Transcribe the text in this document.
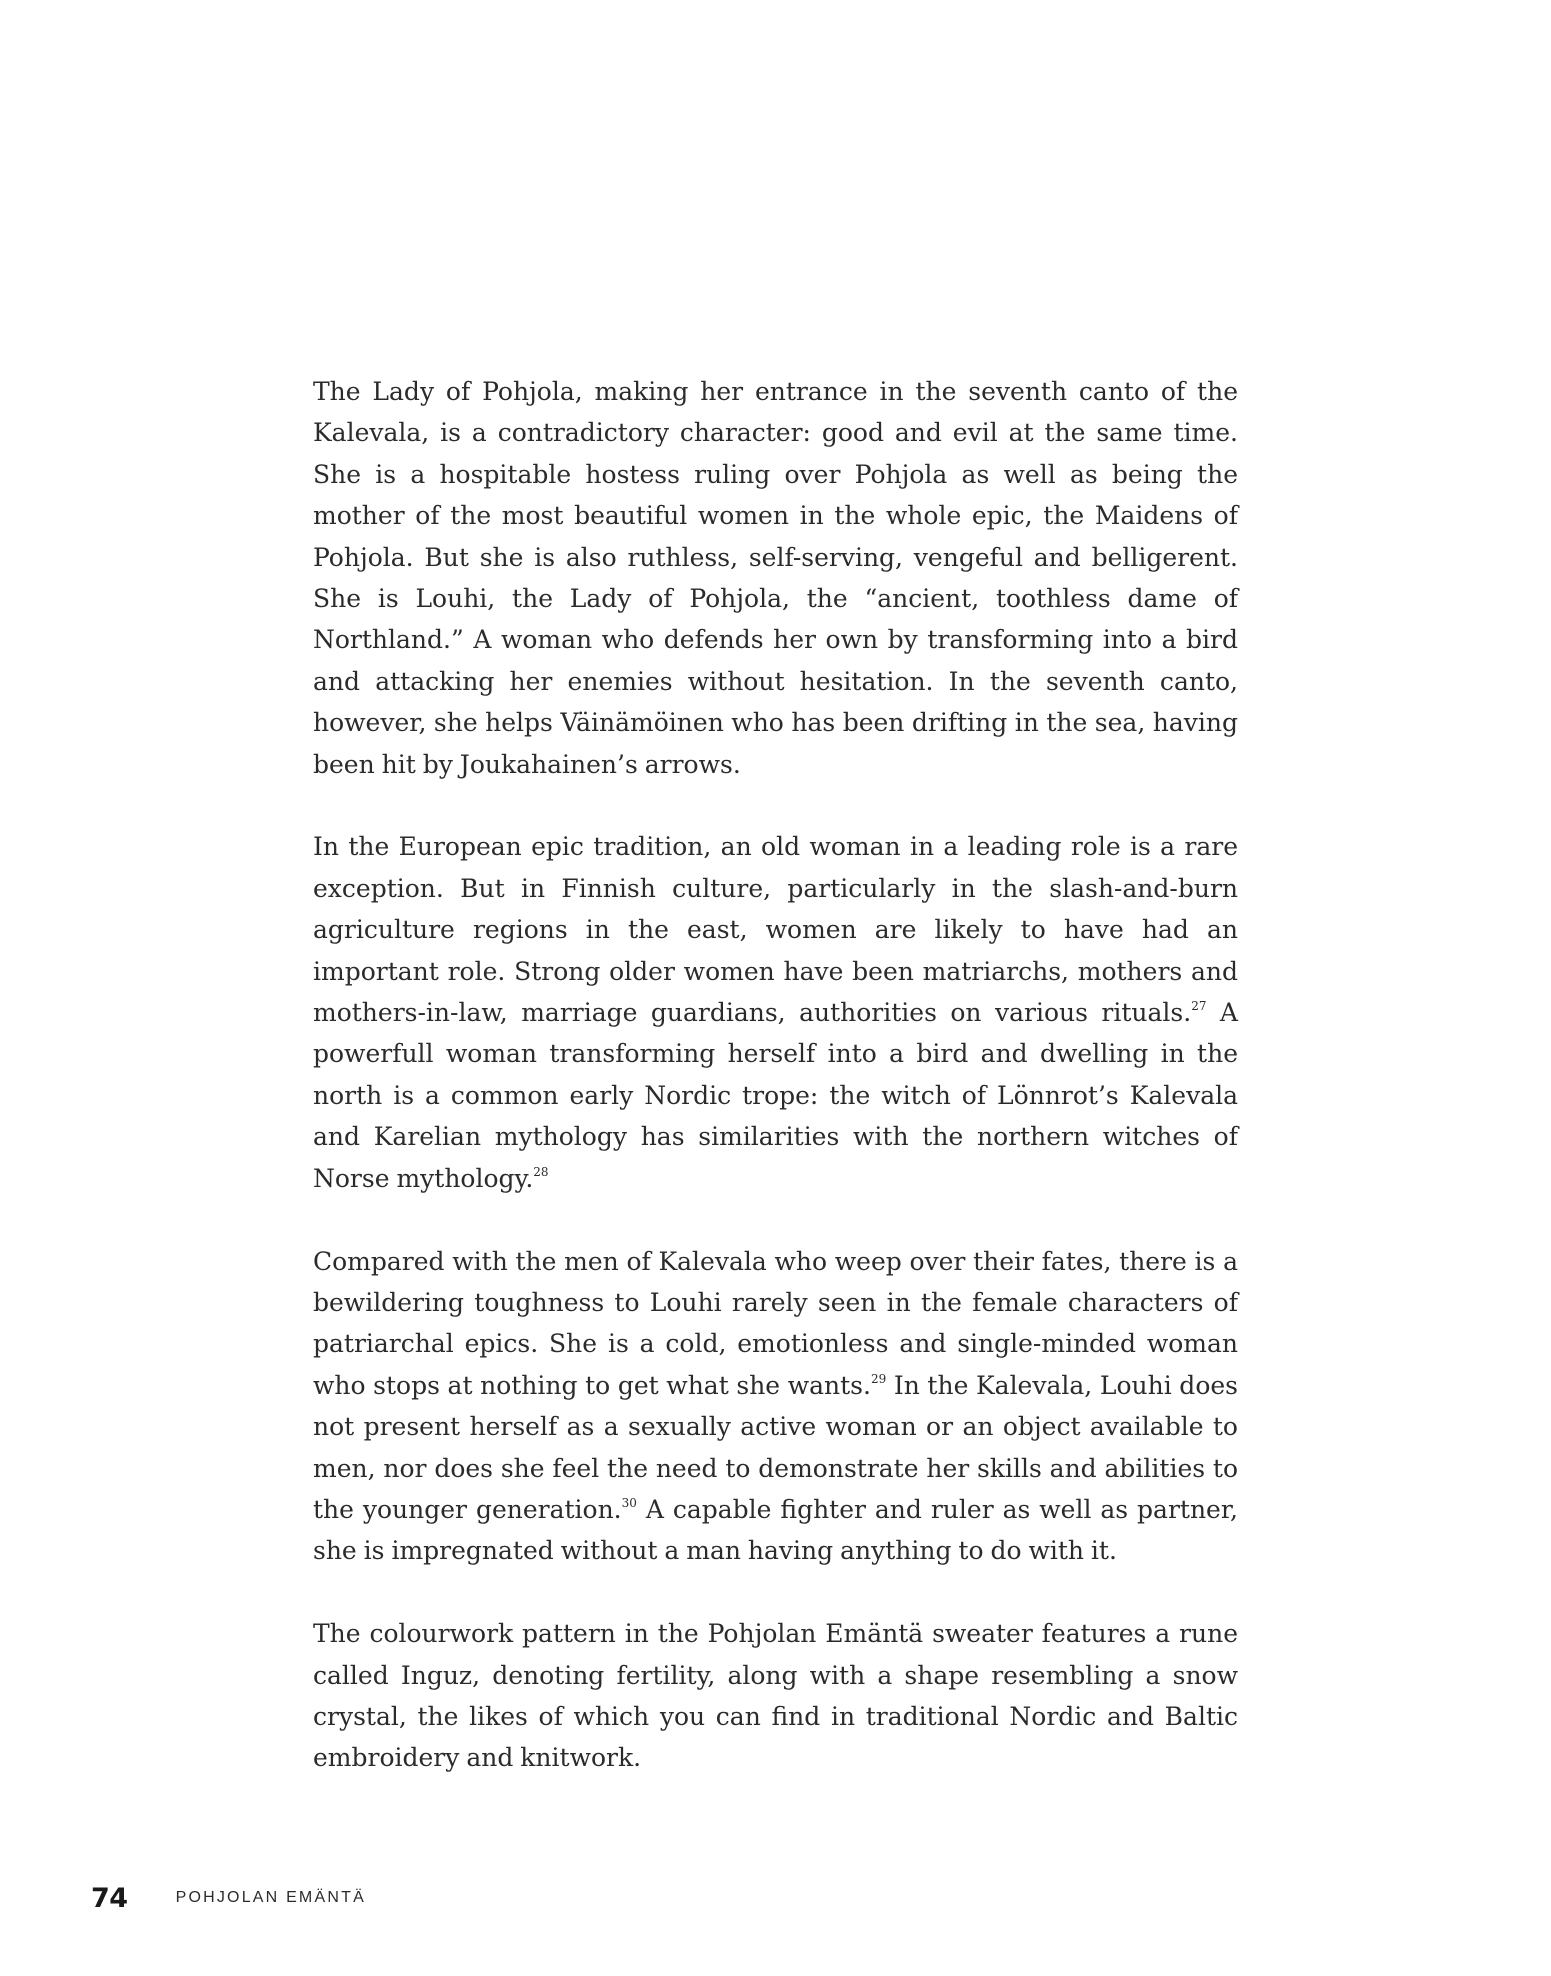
The Lady of Pohjola, making her entrance in the seventh canto of the Kalevala, is a contradictory character: good and evil at the same time. She is a hospitable hostess ruling over Pohjola as well as being the mother of the most beautiful women in the whole epic, the Maidens of Pohjola. But she is also ruthless, self-serving, vengeful and belligerent. She is Louhi, the Lady of Pohjola, the “ancient, toothless dame of Northland.” A woman who defends her own by transforming into a bird and attacking her enemies without hesitation. In the seventh canto, however, she helps Väinämöinen who has been drifting in the sea, having been hit by Joukahainen’s arrows.

In the European epic tradition, an old woman in a leading role is a rare exception. But in Finnish culture, particularly in the slash-and-burn agriculture regions in the east, women are likely to have had an important role. Strong older women have been matriarchs, mothers and mothers-in-law, marriage guardians, authorities on various rituals.$^{27}$ A powerfull woman transforming herself into a bird and dwelling in the north is a common early Nordic trope: the witch of Lönnrot’s Kalevala and Karelian mythology has similarities with the northern witches of Norse mythology.$^{28}$

Compared with the men of Kalevala who weep over their fates, there is a bewildering toughness to Louhi rarely seen in the female characters of patriarchal epics. She is a cold, emotionless and single-minded woman who stops at nothing to get what she wants.$^{29}$ In the Kalevala, Louhi does not present herself as a sexually active woman or an object available to men, nor does she feel the need to demonstrate her skills and abilities to the younger generation.$^{30}$ A capable fighter and ruler as well as partner, she is impregnated without a man having anything to do with it.

The colourwork pattern in the Pohjolan Emäntä sweater features a rune called Inguz, denoting fertility, along with a shape resembling a snow crystal, the likes of which you can find in traditional Nordic and Baltic embroidery and knitwork.

74	POHJOLAN EMÄNTÄ
